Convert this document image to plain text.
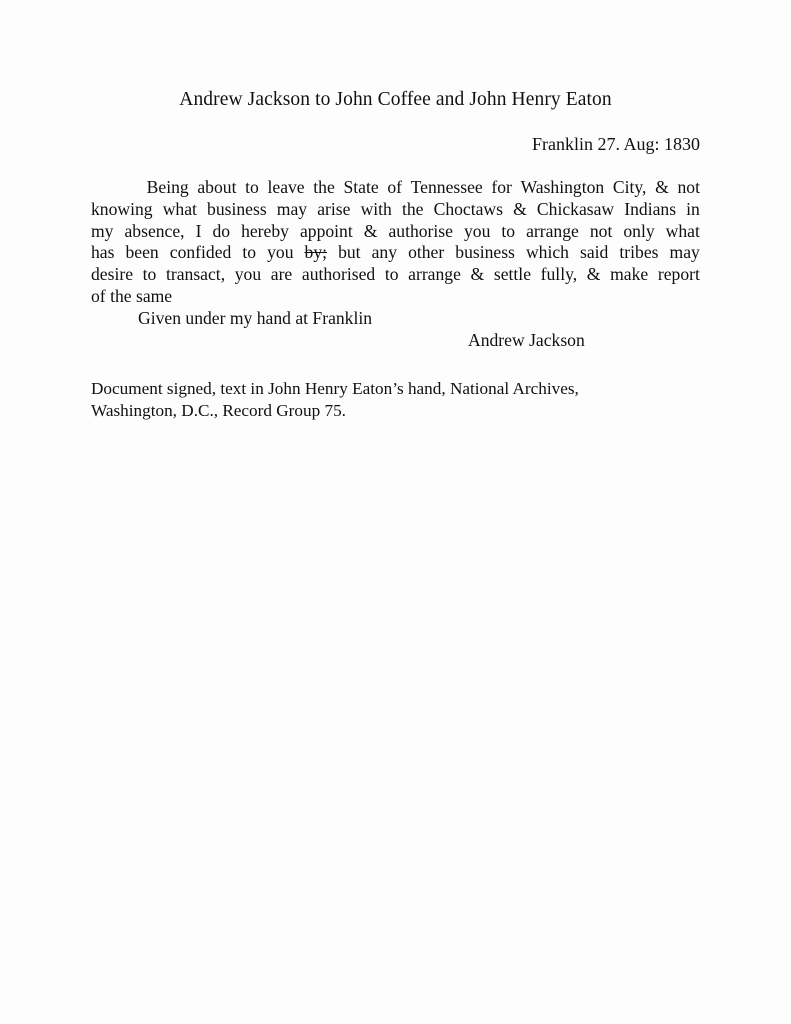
Andrew Jackson to John Coffee and John Henry Eaton
Franklin 27. Aug: 1830
Being about to leave the State of Tennessee for Washington City, & not
knowing what business may arise with the Choctaws & Chickasaw Indians in
my absence, I do hereby appoint & authorise you to arrange not only what
has been confided to you by; but any other business which said tribes may
desire to transact, you are authorised to arrange & settle fully, & make report
of the same
Given under my hand at Franklin
Andrew Jackson
Document signed, text in John Henry Eaton’s hand, National Archives,
Washington, D.C., Record Group 75.
